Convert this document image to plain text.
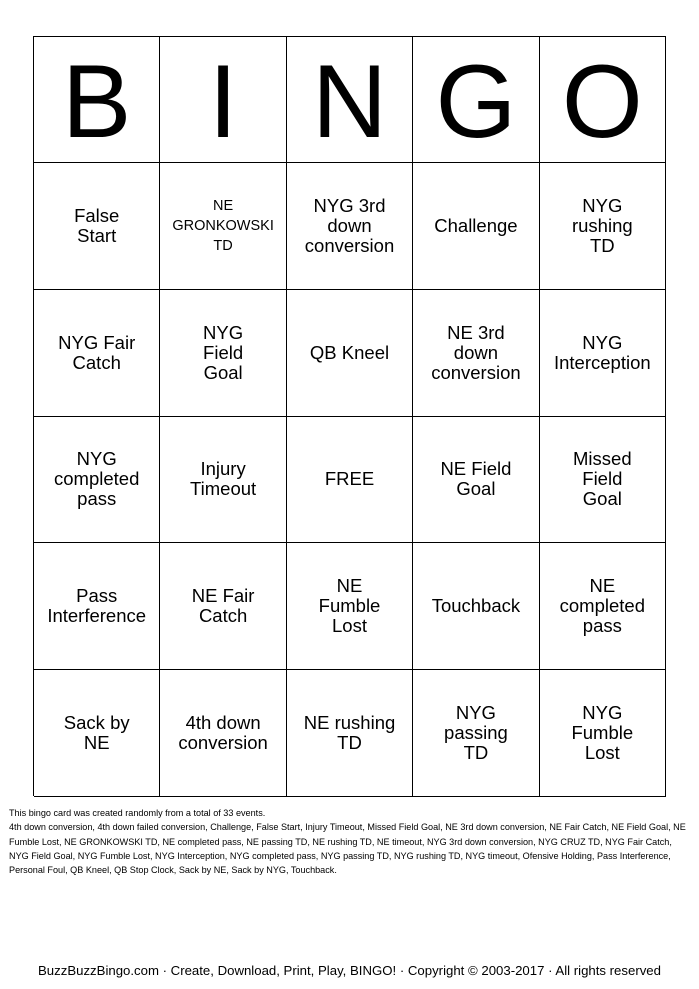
B I N G O
False
Start
NE
GRONKOWSKI
TD
NYG 3rd
down
conversion
Challenge
NYG
rushing
TD
NYG Fair
Catch
NYG
Field
Goal
QB Kneel
NE 3rd
down
conversion
NYG
Interception
NYG
completed
pass
Injury
Timeout	FREE	NE Field
Goal
Missed
Field
Goal
Pass
Interference
NE Fair
Catch
NE
Fumble
Lost
Touchback
NE
completed
pass
Sack by
NE
4th down
conversion
NE rushing
TD
NYG
passing
TD
NYG
Fumble
Lost

This bingo card was created randomly from a total of 33 events.

4th down conversion, 4th down failed conversion, Challenge, False Start, Injury Timeout, Missed Field Goal, NE 3rd down conversion, NE Fair Catch, NE Field Goal, NE Fumble Lost, NE GRONKOWSKI TD, NE completed pass, NE passing TD, NE rushing TD, NE timeout, NYG 3rd down conversion, NYG CRUZ TD, NYG Fair Catch, NYG Field Goal, NYG Fumble Lost, NYG Interception, NYG completed pass, NYG passing TD, NYG rushing TD, NYG timeout, Ofensive Holding, Pass Interference, Personal Foul, QB Kneel, QB Stop Clock, Sack by NE, Sack by NYG, Touchback.

BuzzBuzzBingo.com · Create, Download, Print, Play, BINGO! · Copyright © 2003-2017 · All rights reserved
